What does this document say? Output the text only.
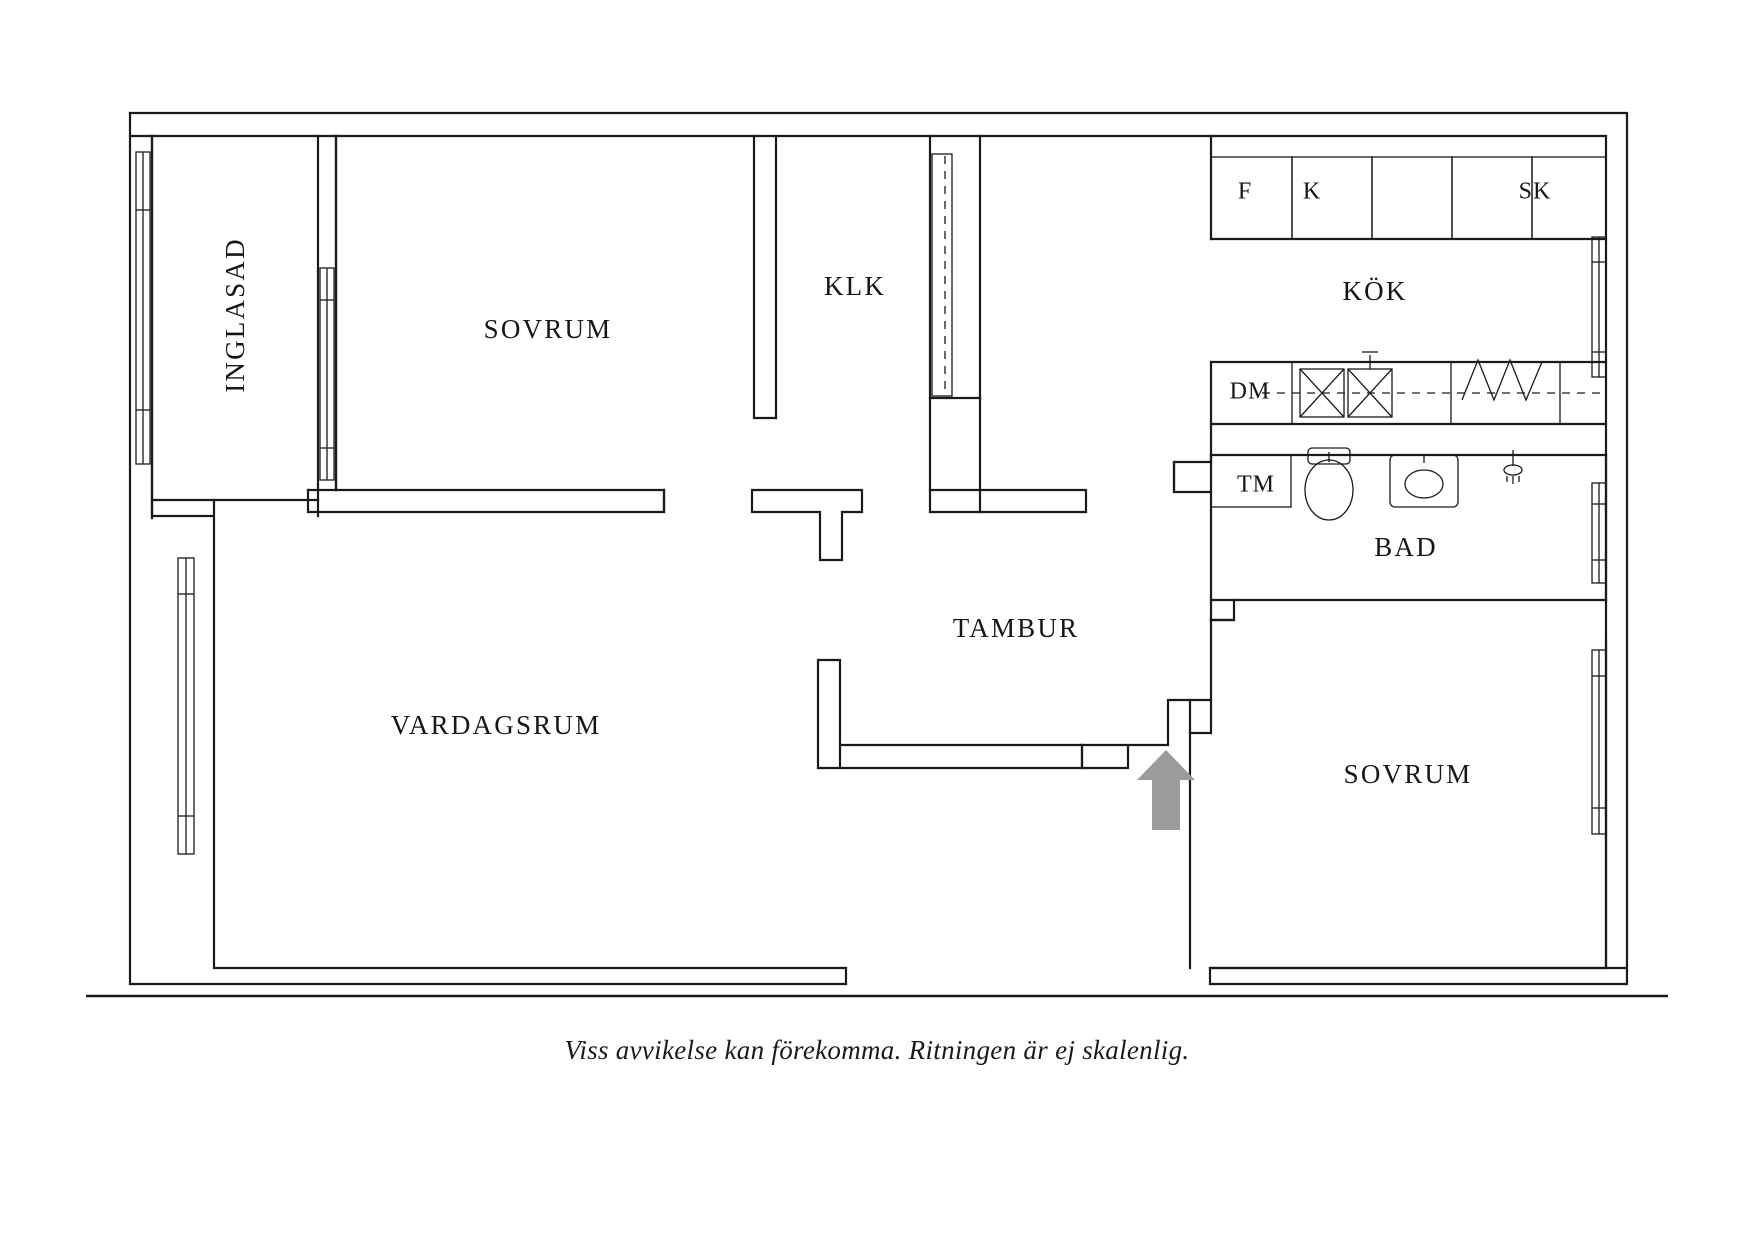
INGLASAD	SOVRUM
KLK	KÖK
BAD
TAMBUR
VARDAGSRUM
SOVRUM
F K	SK
DM
TM
Viss avvikelse kan förekomma. Ritningen är ej skalenlig.
